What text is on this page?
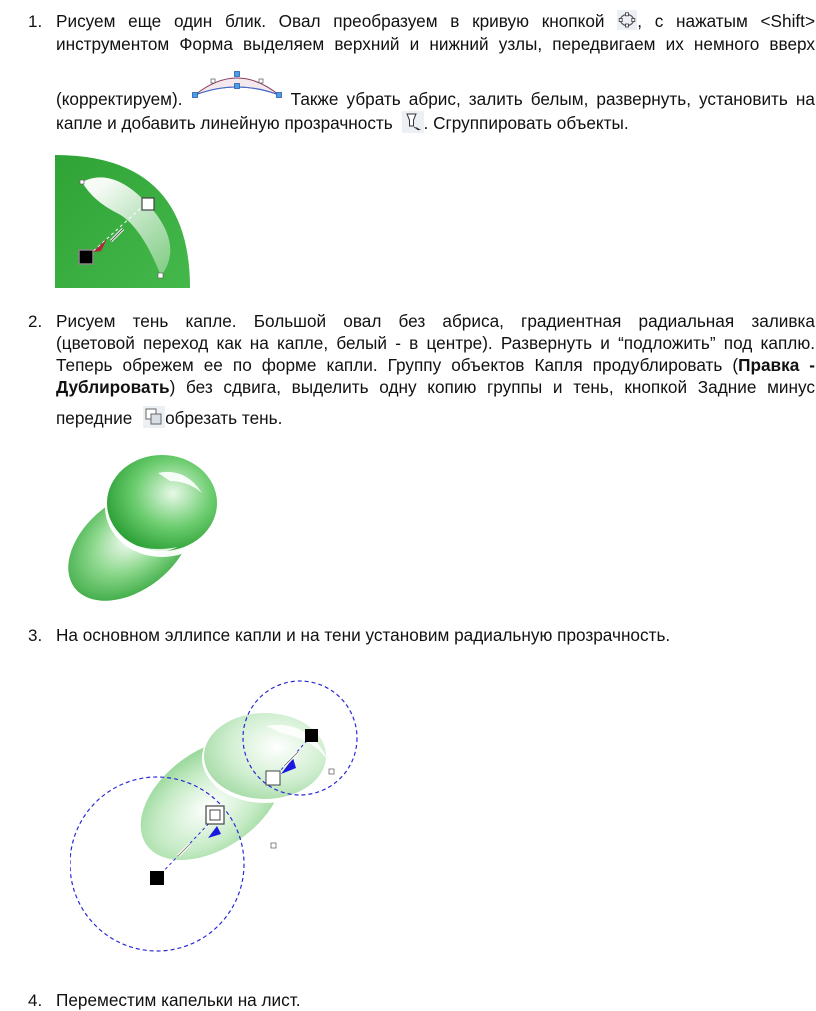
1. Рисуем еще один блик. Овал преобразуем в кривую кнопкой , с нажатым <Shift>
инструментом Форма выделяем верхний и нижний узлы, передвигаем их немного вверх
(корректируем).	Также убрать абрис, залить белым, развернуть, установить на
капле и добавить линейную прозрачность . Сгруппировать объекты.
2. Рисуем тень капле. Большой овал без абриса, градиентная радиальная заливка
(цветовой переход как на капле, белый - в центре). Развернуть и “подложить” под каплю.
Теперь обрежем ее по форме капли. Группу объектов Капля продублировать (Правка -
Дублировать) без сдвига, выделить одну копию группы и тень, кнопкой Задние минус
передние обрезать тень.
3. На основном эллипсе капли и на тени установим радиальную прозрачность.
4. Переместим капельки на лист.
